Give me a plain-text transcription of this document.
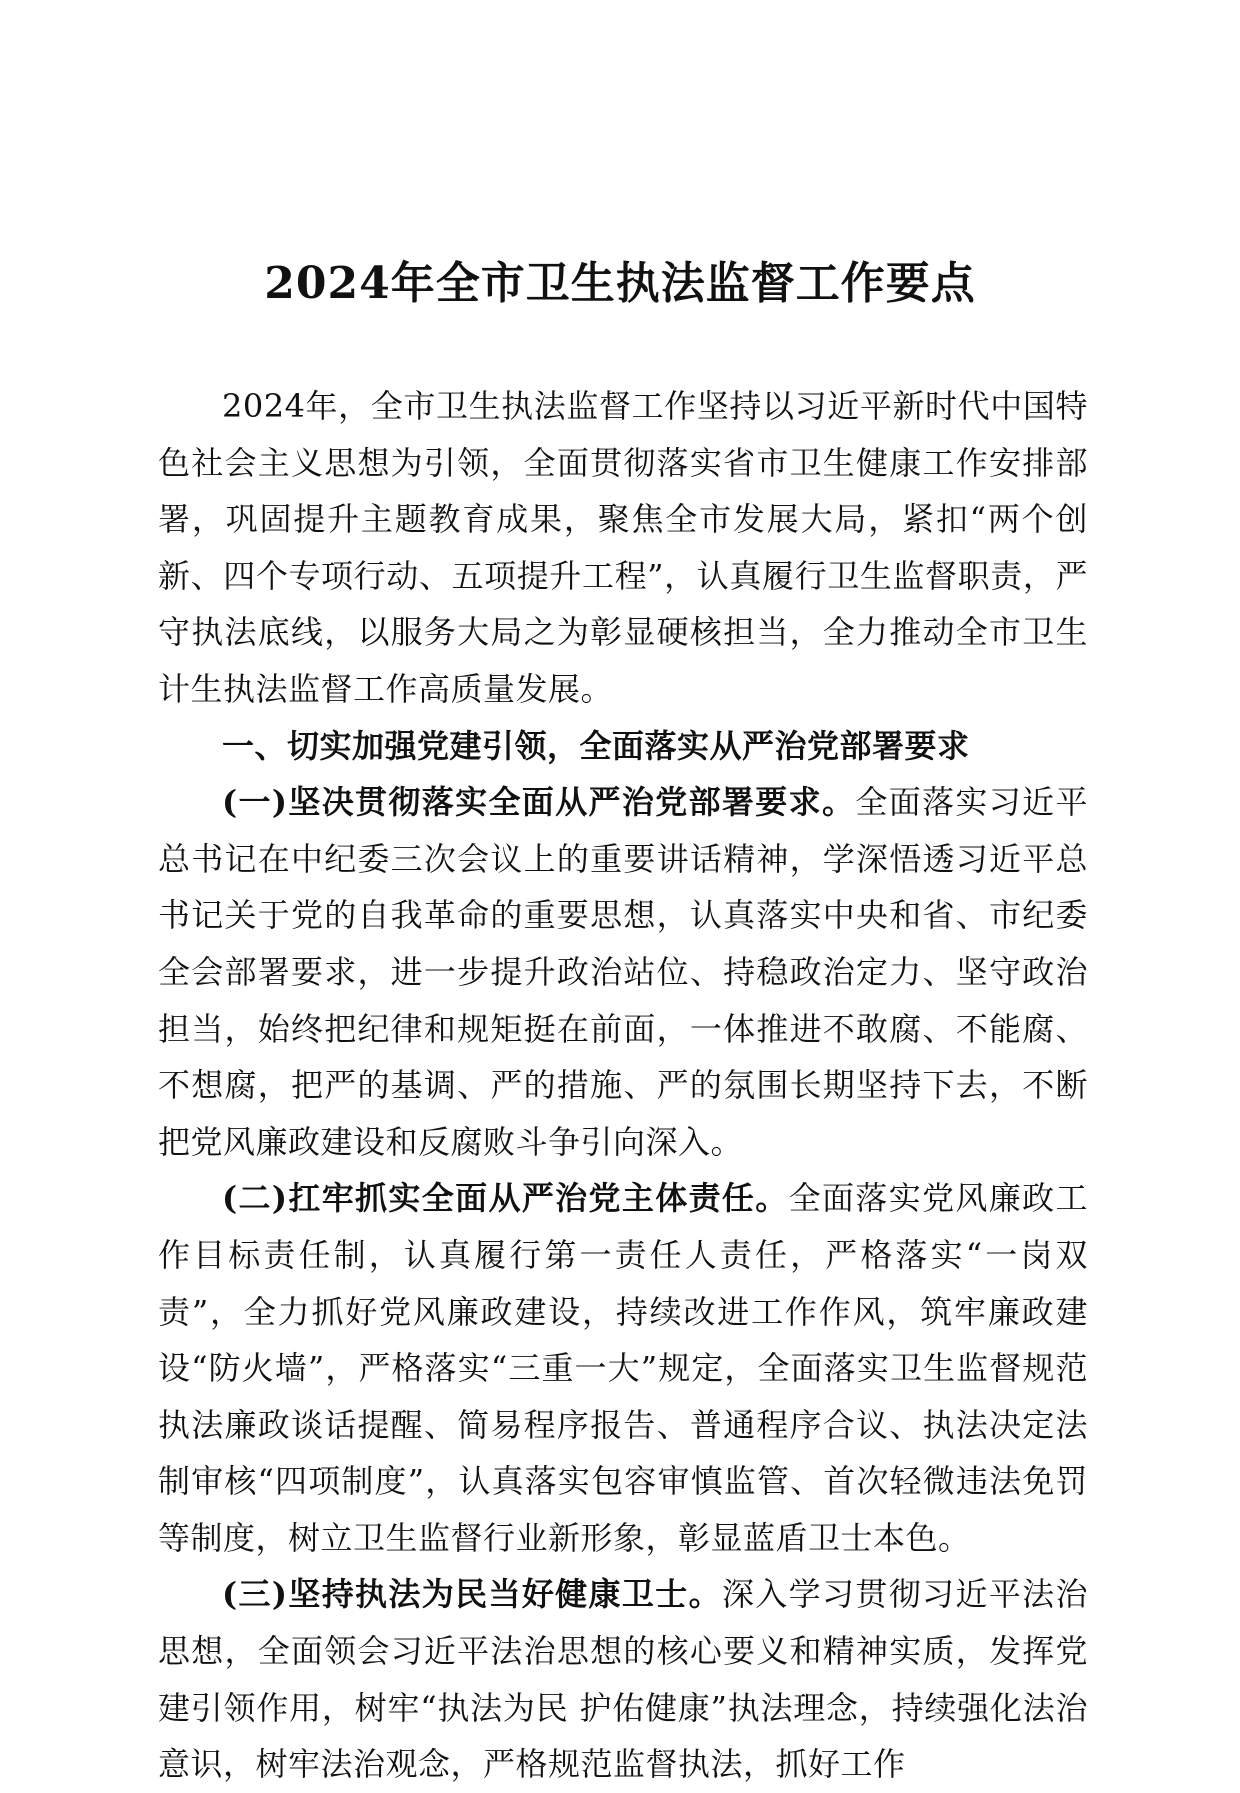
2024年全市卫生执法监督工作要点

2024年，全市卫生执法监督工作坚持以习近平新时代中国特色社会主义思想为引领，全面贯彻落实省市卫生健康工作安排部署，巩固提升主题教育成果，聚焦全市发展大局，紧扣“两个创新、四个专项行动、五项提升工程”，认真履行卫生监督职责，严守执法底线，以服务大局之为彰显硬核担当，全力推动全市卫生计生执法监督工作高质量发展。

一、切实加强党建引领，全面落实从严治党部署要求

(一)坚决贯彻落实全面从严治党部署要求。全面落实习近平总书记在中纪委三次会议上的重要讲话精神，学深悟透习近平总书记关于党的自我革命的重要思想，认真落实中央和省、市纪委全会部署要求，进一步提升政治站位、持稳政治定力、坚守政治担当，始终把纪律和规矩挺在前面，一体推进不敢腐、不能腐、不想腐，把严的基调、严的措施、严的氛围长期坚持下去，不断把党风廉政建设和反腐败斗争引向深入。

(二)扛牢抓实全面从严治党主体责任。全面落实党风廉政工作目标责任制，认真履行第一责任人责任，严格落实“一岗双责”，全力抓好党风廉政建设，持续改进工作作风，筑牢廉政建设“防火墙”，严格落实“三重一大”规定，全面落实卫生监督规范执法廉政谈话提醒、简易程序报告、普通程序合议、执法决定法制审核“四项制度”，认真落实包容审慎监管、首次轻微违法免罚等制度，树立卫生监督行业新形象，彰显蓝盾卫士本色。

(三)坚持执法为民当好健康卫士。深入学习贯彻习近平法治思想，全面领会习近平法治思想的核心要义和精神实质，发挥党建引领作用，树牢“执法为民 护佑健康”执法理念，持续强化法治意识，树牢法治观念，严格规范监督执法，抓好工作
